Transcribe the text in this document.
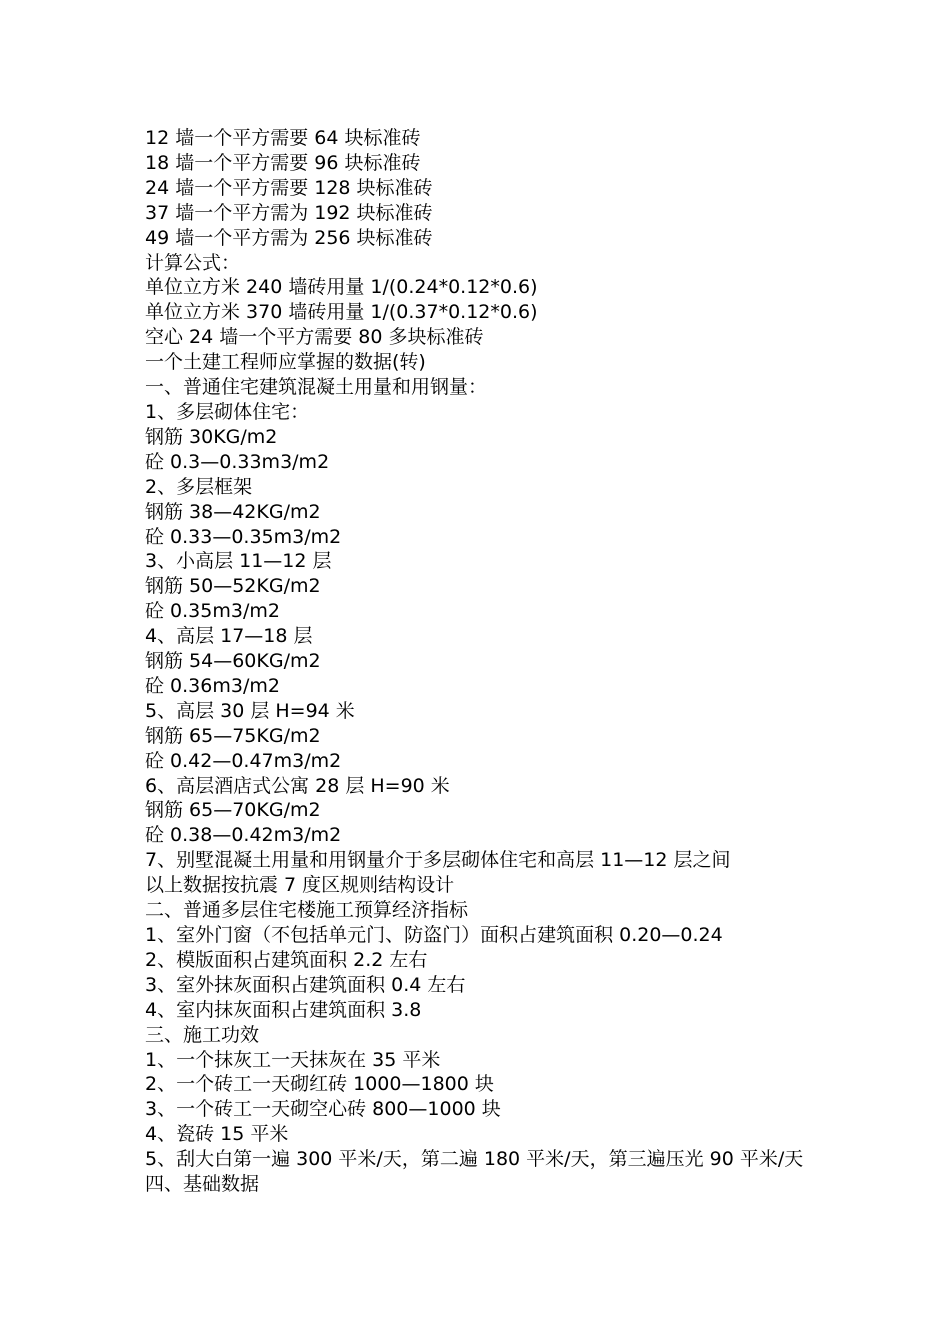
12 墙一个平方需要 64 块标准砖
18 墙一个平方需要 96 块标准砖
24 墙一个平方需要 128 块标准砖
37 墙一个平方需为 192 块标准砖
49 墙一个平方需为 256 块标准砖
计算公式：
单位立方米 240 墙砖用量 1/(0.24*0.12*0.6)
单位立方米 370 墙砖用量 1/(0.37*0.12*0.6)
空心 24 墙一个平方需要 80 多块标准砖
一个土建工程师应掌握的数据(转)
一、普通住宅建筑混凝土用量和用钢量：
1、多层砌体住宅：
钢筋 30KG/m2
砼 0.3—0.33m3/m2
2、多层框架
钢筋 38—42KG/m2
砼 0.33—0.35m3/m2
3、小高层 11—12 层
钢筋 50—52KG/m2
砼 0.35m3/m2
4、高层 17—18 层
钢筋 54—60KG/m2
砼 0.36m3/m2
5、高层 30 层 H=94 米
钢筋 65—75KG/m2
砼 0.42—0.47m3/m2
6、高层酒店式公寓 28 层 H=90 米
钢筋 65—70KG/m2
砼 0.38—0.42m3/m2
7、别墅混凝土用量和用钢量介于多层砌体住宅和高层 11—12 层之间
以上数据按抗震 7 度区规则结构设计
二、普通多层住宅楼施工预算经济指标
1、室外门窗（不包括单元门、防盗门）面积占建筑面积 0.20—0.24
2、模版面积占建筑面积 2.2 左右
3、室外抹灰面积占建筑面积 0.4 左右
4、室内抹灰面积占建筑面积 3.8
三、施工功效
1、一个抹灰工一天抹灰在 35 平米
2、一个砖工一天砌红砖 1000—1800 块
3、一个砖工一天砌空心砖 800—1000 块
4、瓷砖 15 平米
5、刮大白第一遍 300 平米/天，第二遍 180 平米/天，第三遍压光 90 平米/天
四、基础数据
